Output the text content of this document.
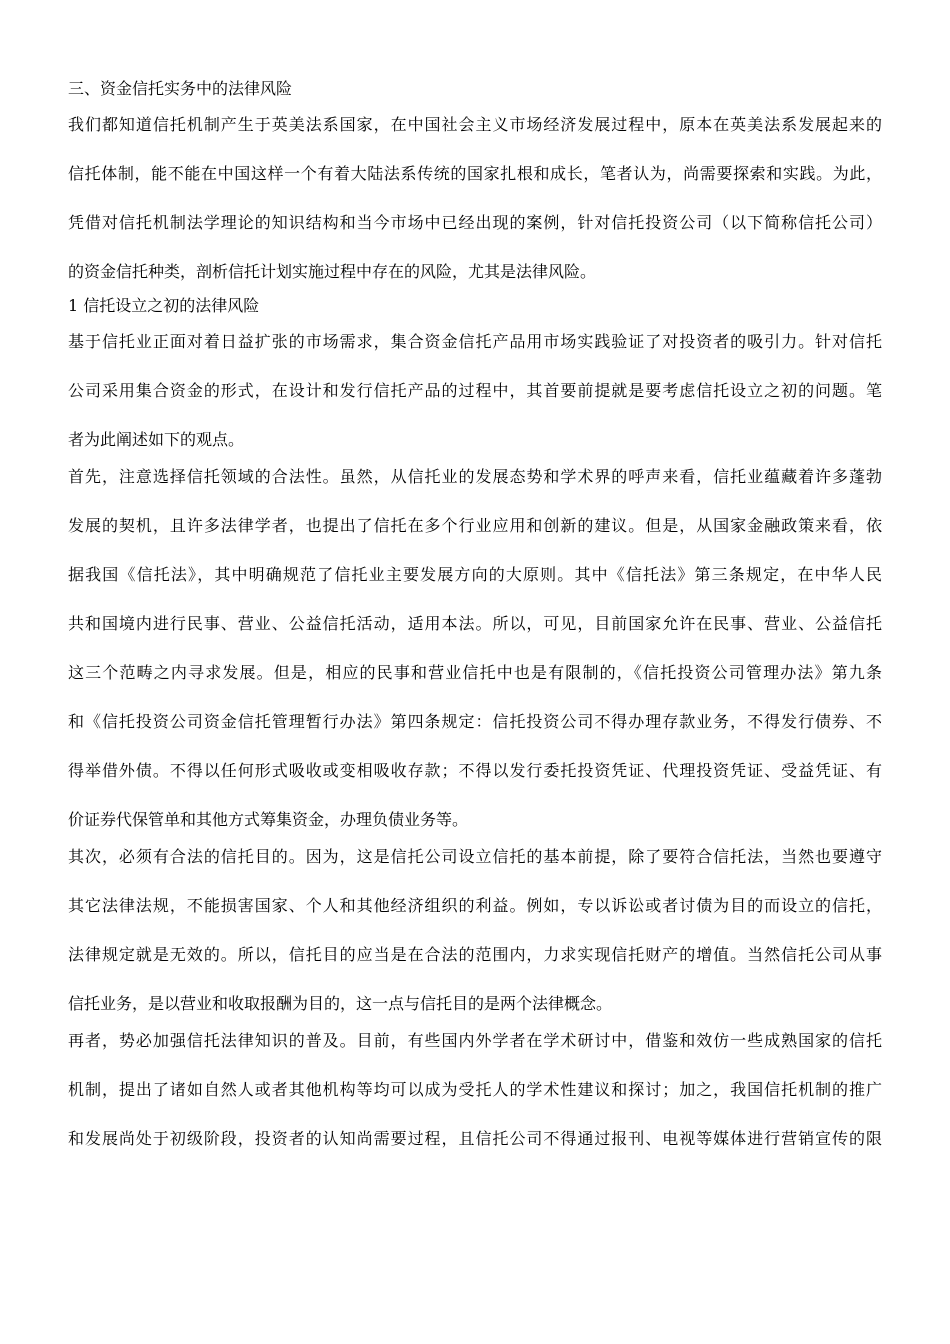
三、资金信托实务中的法律风险
我们都知道信托机制产生于英美法系国家，在中国社会主义市场经济发展过程中，原本在英美法系发展起来的
信托体制，能不能在中国这样一个有着大陆法系传统的国家扎根和成长，笔者认为，尚需要探索和实践。为此，
凭借对信托机制法学理论的知识结构和当今市场中已经出现的案例，针对信托投资公司（以下简称信托公司）
的资金信托种类，剖析信托计划实施过程中存在的风险，尤其是法律风险。
1 信托设立之初的法律风险
基于信托业正面对着日益扩张的市场需求，集合资金信托产品用市场实践验证了对投资者的吸引力。针对信托
公司采用集合资金的形式，在设计和发行信托产品的过程中，其首要前提就是要考虑信托设立之初的问题。笔
者为此阐述如下的观点。
首先，注意选择信托领域的合法性。虽然，从信托业的发展态势和学术界的呼声来看，信托业蕴藏着许多蓬勃
发展的契机，且许多法律学者，也提出了信托在多个行业应用和创新的建议。但是，从国家金融政策来看，依
据我国《信托法》，其中明确规范了信托业主要发展方向的大原则。其中《信托法》第三条规定，在中华人民
共和国境内进行民事、营业、公益信托活动，适用本法。所以，可见，目前国家允许在民事、营业、公益信托
这三个范畴之内寻求发展。但是，相应的民事和营业信托中也是有限制的，《信托投资公司管理办法》第九条
和《信托投资公司资金信托管理暂行办法》第四条规定：信托投资公司不得办理存款业务，不得发行债券、不
得举借外债。不得以任何形式吸收或变相吸收存款；不得以发行委托投资凭证、代理投资凭证、受益凭证、有
价证券代保管单和其他方式筹集资金，办理负债业务等。
其次，必须有合法的信托目的。因为，这是信托公司设立信托的基本前提，除了要符合信托法，当然也要遵守
其它法律法规，不能损害国家、个人和其他经济组织的利益。例如，专以诉讼或者讨债为目的而设立的信托，
法律规定就是无效的。所以，信托目的应当是在合法的范围内，力求实现信托财产的增值。当然信托公司从事
信托业务，是以营业和收取报酬为目的，这一点与信托目的是两个法律概念。
再者，势必加强信托法律知识的普及。目前，有些国内外学者在学术研讨中，借鉴和效仿一些成熟国家的信托
机制，提出了诸如自然人或者其他机构等均可以成为受托人的学术性建议和探讨；加之，我国信托机制的推广
和发展尚处于初级阶段，投资者的认知尚需要过程，且信托公司不得通过报刊、电视等媒体进行营销宣传的限
